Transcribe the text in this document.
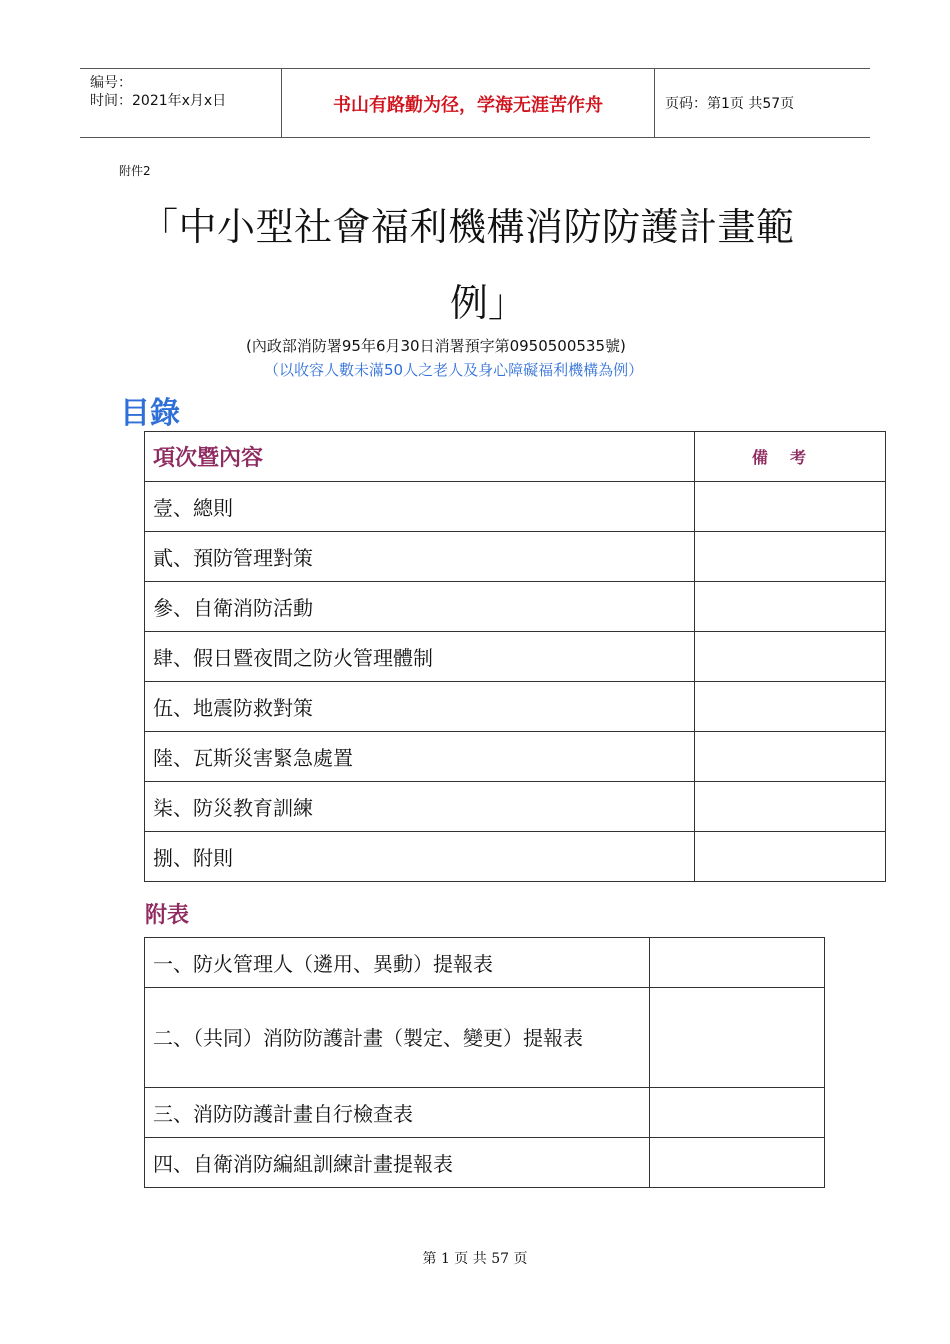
编号：
时间：2021年x月x日	书山有路勤为径，学海无涯苦作舟	页码：第1页 共57页
附件2
「中小型社會福利機構消防防護計畫範
例」
(內政部消防署95年6月30日消署預字第0950500535號)
（以收容人數未滿50人之老人及身心障礙福利機構為例）
目錄
項次暨內容	備考
壹、總則	
貳、預防管理對策	
參、自衛消防活動	
肆、假日暨夜間之防火管理體制	
伍、地震防救對策	
陸、瓦斯災害緊急處置	
柒、防災教育訓練	
捌、附則	
附表
一、防火管理人（遴用、異動）提報表	
二、（共同）消防防護計畫（製定、變更）提報表	
三、消防防護計畫自行檢查表	
四、自衛消防編組訓練計畫提報表	
第 1 页 共 57 页
